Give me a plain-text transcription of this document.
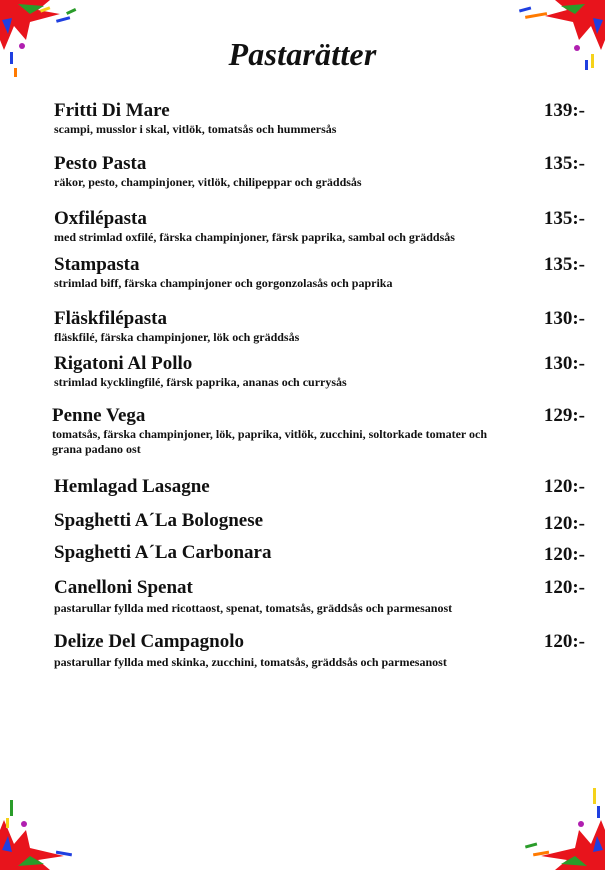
Pastarätter
Fritti Di Mare
scampi, musslor i skal, vitlök, tomatsås och hummersås
139:-
Pesto Pasta
räkor, pesto, champinjoner, vitlök, chilipeppar och gräddsås
135:-
Oxfilépasta
med strimlad oxfilé, färska champinjoner, färsk paprika, sambal och gräddsås
135:-
Stampasta
strimlad biff, färska champinjoner och gorgonzolasås och paprika
135:-
Fläskfilépasta
fläskfilé, färska champinjoner, lök och gräddsås
130:-
Rigatoni Al Pollo
strimlad kycklingfilé, färsk paprika, ananas och currysås
130:-
Penne Vega
tomatsås, färska champinjoner, lök, paprika, vitlök, zucchini, soltorkade tomater och grana padano ost
129:-
Hemlagad Lasagne	120:-
Spaghetti A´La Bolognese	120:-
Spaghetti A´La Carbonara	120:-
Canelloni Spenat
pastarullar fyllda med ricottaost, spenat, tomatsås, gräddsås och parmesanost
120:-
Delize Del Campagnolo
pastarullar fyllda med skinka, zucchini, tomatsås, gräddsås och parmesanost
120:-
